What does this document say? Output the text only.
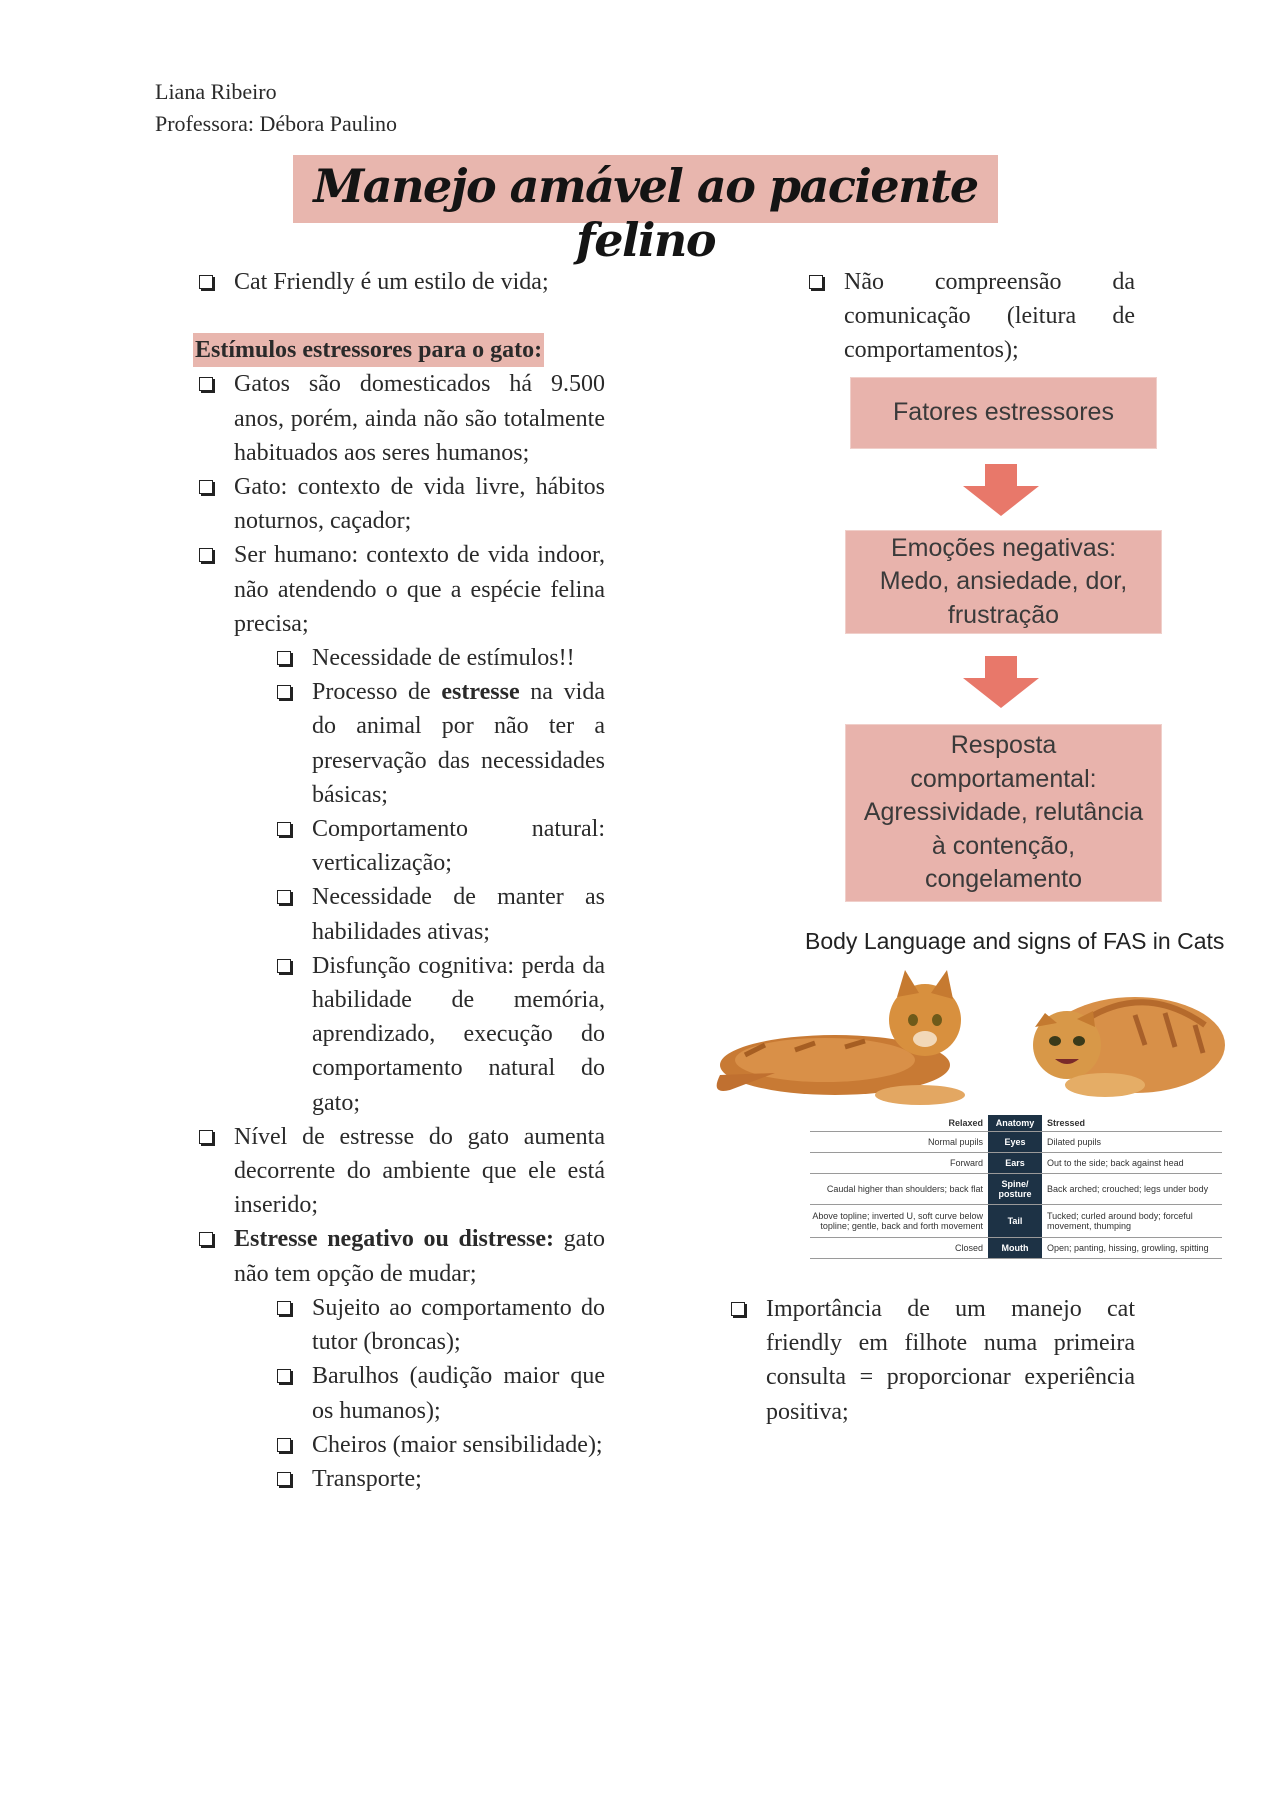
Liana Ribeiro
Professora: Débora Paulino
Manejo amável ao paciente felino
Cat Friendly é um estilo de vida;
Estímulos estressores para o gato:
Gatos são domesticados há 9.500 anos, porém, ainda não são totalmente habituados aos seres humanos;
Gato: contexto de vida livre, hábitos noturnos, caçador;
Ser humano: contexto de vida indoor, não atendendo o que a espécie felina precisa;
Necessidade de estímulos!!
Processo de estresse na vida do animal por não ter a preservação das necessidades básicas;
Comportamento natural: verticalização;
Necessidade de manter as habilidades ativas;
Disfunção cognitiva: perda da habilidade de memória, aprendizado, execução do comportamento natural do gato;
Nível de estresse do gato aumenta decorrente do ambiente que ele está inserido;
Estresse negativo ou distresse: gato não tem opção de mudar;
Sujeito ao comportamento do tutor (broncas);
Barulhos (audição maior que os humanos);
Cheiros (maior sensibilidade);
Transporte;
Não compreensão da comunicação (leitura de comportamentos);
Fatores estressores
Emoções negativas: Medo, ansiedade, dor, frustração
Resposta comportamental: Agressividade, relutância à contenção, congelamento
Body Language and signs of FAS in Cats
Relaxed	Anatomy	Stressed
Normal pupils	Eyes	Dilated pupils
Forward	Ears	Out to the side; back against head
Caudal higher than shoulders; back flat	Spine/ posture	Back arched; crouched; legs under body
Above topline; inverted U, soft curve below topline; gentle, back and forth movement	Tail	Tucked; curled around body; forceful movement, thumping
Closed	Mouth	Open; panting, hissing, growling, spitting
Importância de um manejo cat friendly em filhote numa primeira consulta = proporcionar experiência positiva;
